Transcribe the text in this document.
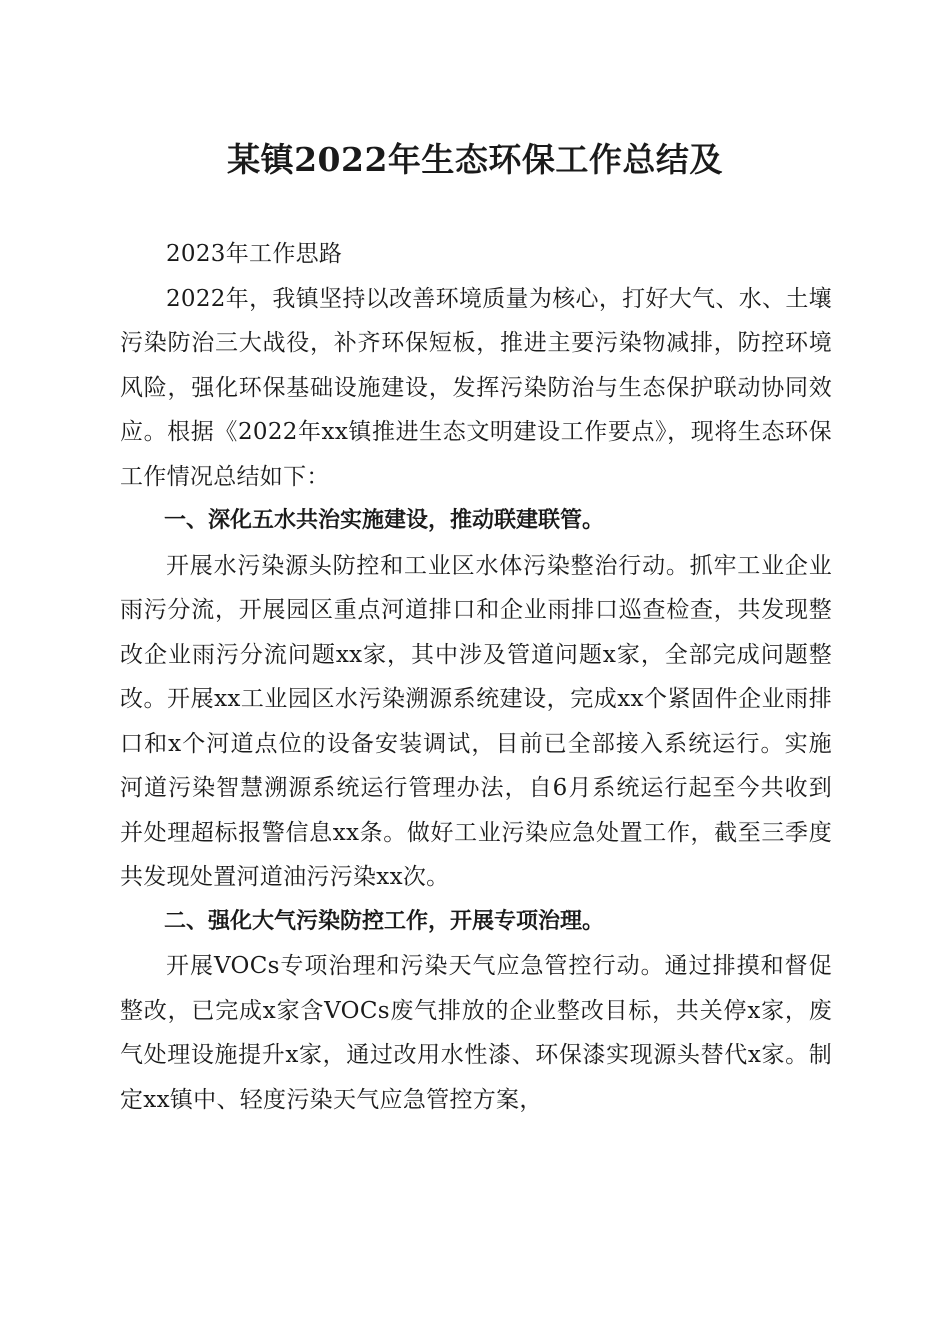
某镇2022年生态环保工作总结及

2023年工作思路

2022年，我镇坚持以改善环境质量为核心，打好大气、水、土壤污染防治三大战役，补齐环保短板，推进主要污染物减排，防控环境风险，强化环保基础设施建设，发挥污染防治与生态保护联动协同效应。根据《2022年xx镇推进生态文明建设工作要点》，现将生态环保工作情况总结如下：

一、深化五水共治实施建设，推动联建联管。

开展水污染源头防控和工业区水体污染整治行动。抓牢工业企业雨污分流，开展园区重点河道排口和企业雨排口巡查检查，共发现整改企业雨污分流问题xx家，其中涉及管道问题x家，全部完成问题整改。开展xx工业园区水污染溯源系统建设，完成xx个紧固件企业雨排口和x个河道点位的设备安装调试，目前已全部接入系统运行。实施河道污染智慧溯源系统运行管理办法，自6月系统运行起至今共收到并处理超标报警信息xx条。做好工业污染应急处置工作，截至三季度共发现处置河道油污污染xx次。

二、强化大气污染防控工作，开展专项治理。

开展VOCs专项治理和污染天气应急管控行动。通过排摸和督促整改，已完成x家含VOCs废气排放的企业整改目标，共关停x家，废气处理设施提升x家，通过改用水性漆、环保漆实现源头替代x家。制定xx镇中、轻度污染天气应急管控方案，
